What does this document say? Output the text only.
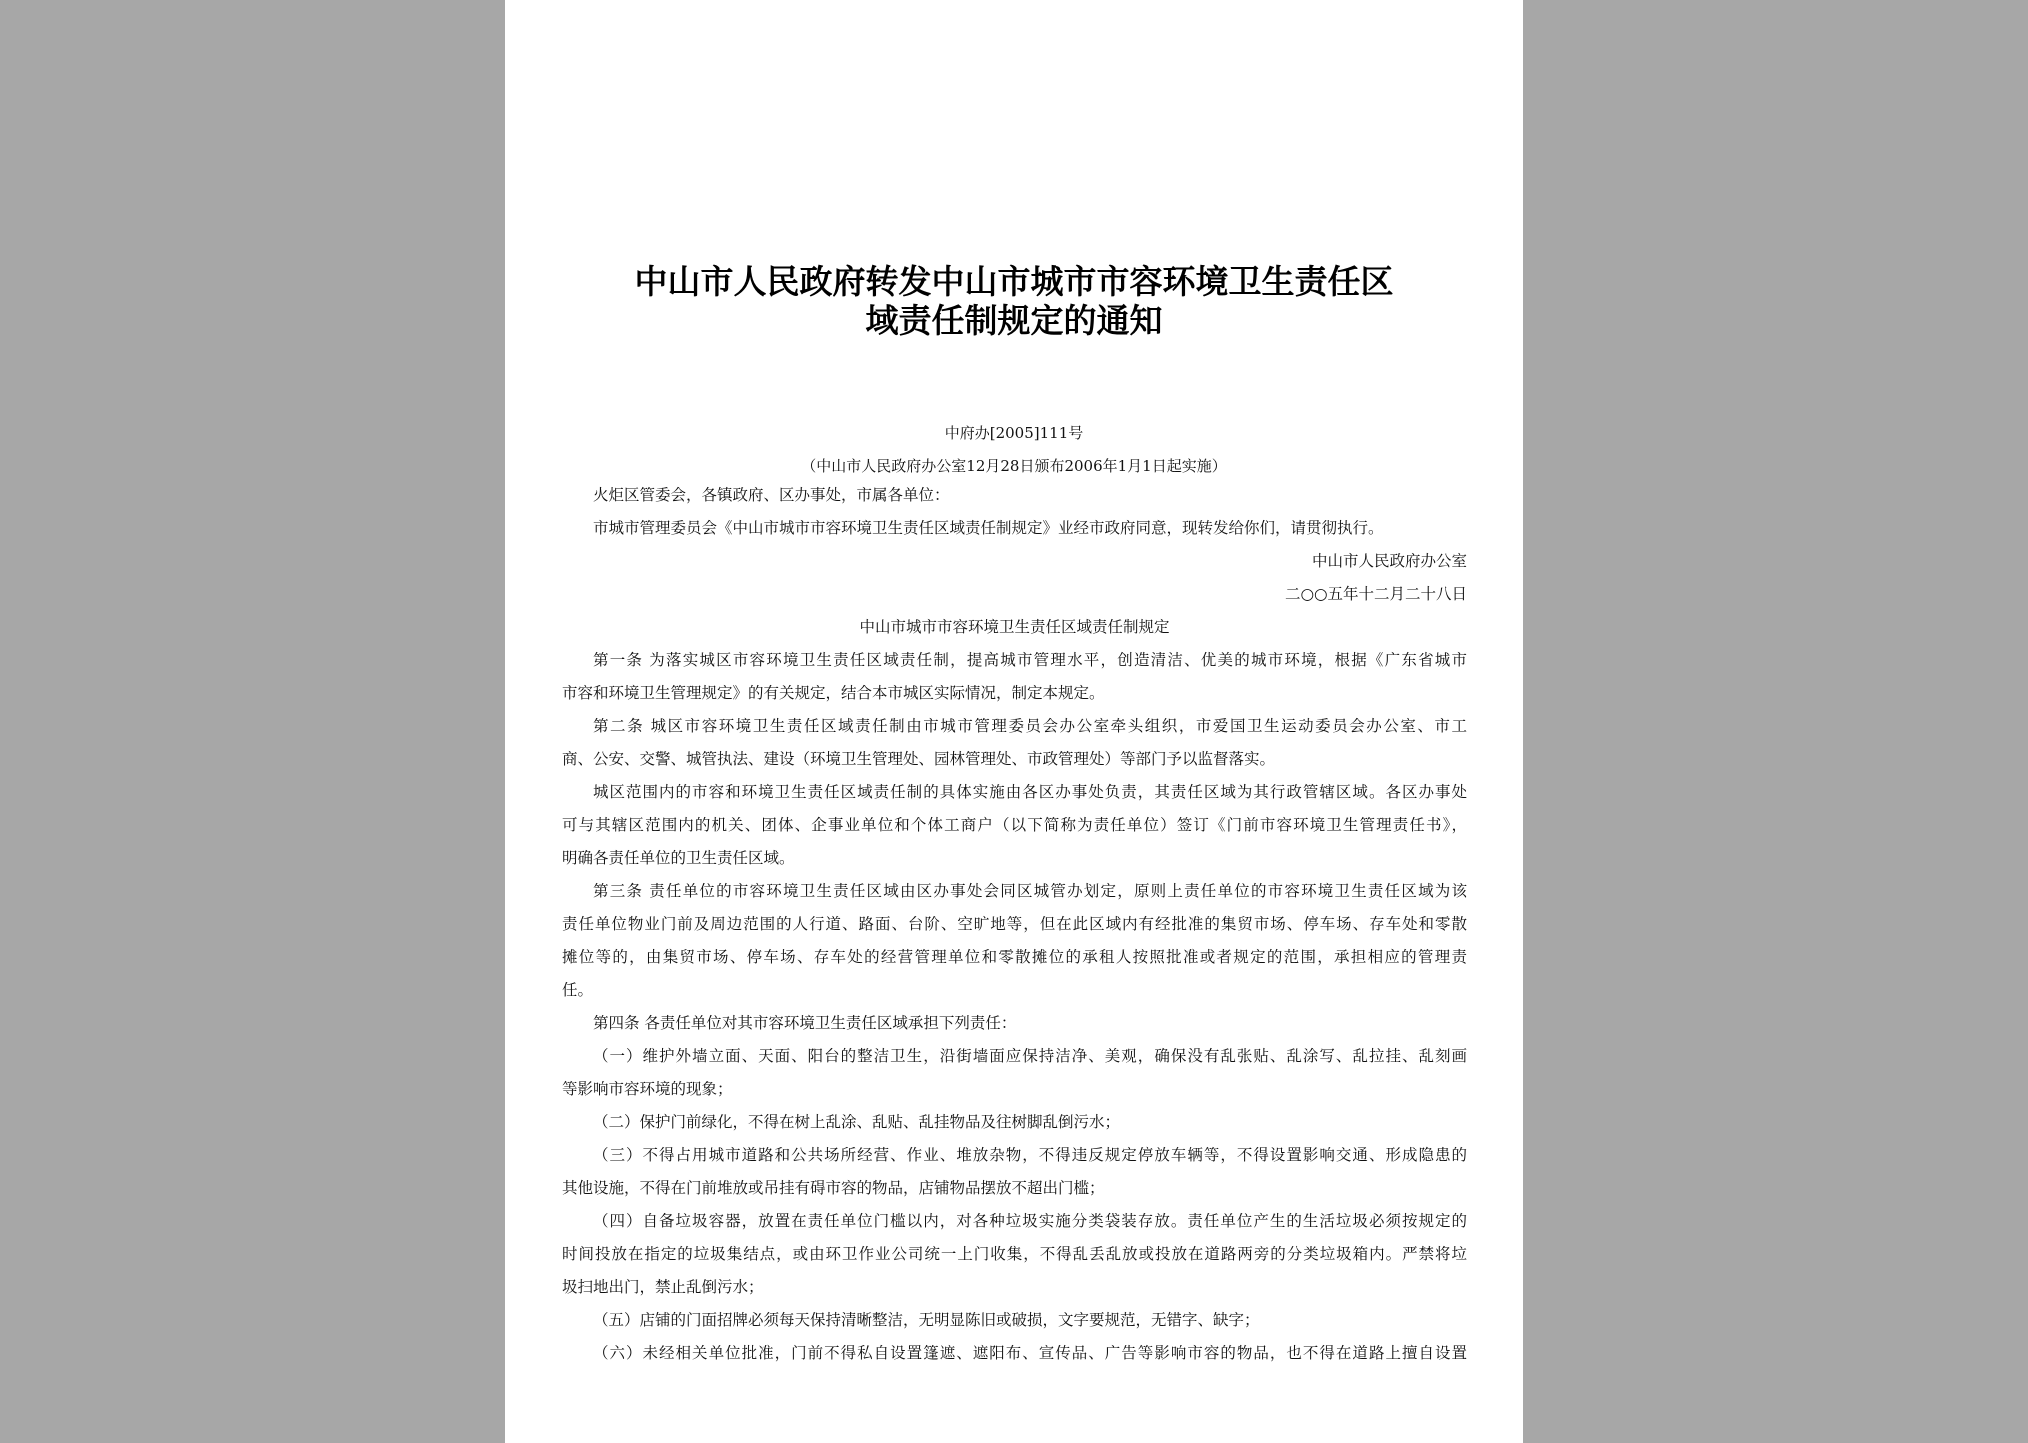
中山市人民政府转发中山市城市市容环境卫生责任区
域责任制规定的通知
中府办[2005]111号
（中山市人民政府办公室12月28日颁布2006年1月1日起实施）
火炬区管委会，各镇政府、区办事处，市属各单位：
市城市管理委员会《中山市城市市容环境卫生责任区域责任制规定》业经市政府同意，现转发给你们，请贯彻执行。
中山市人民政府办公室
二○○五年十二月二十八日
中山市城市市容环境卫生责任区域责任制规定
第一条 为落实城区市容环境卫生责任区域责任制，提高城市管理水平，创造清洁、优美的城市环境，根据《广东省城市
市容和环境卫生管理规定》的有关规定，结合本市城区实际情况，制定本规定。
第二条 城区市容环境卫生责任区域责任制由市城市管理委员会办公室牵头组织，市爱国卫生运动委员会办公室、市工
商、公安、交警、城管执法、建设（环境卫生管理处、园林管理处、市政管理处）等部门予以监督落实。
城区范围内的市容和环境卫生责任区域责任制的具体实施由各区办事处负责，其责任区域为其行政管辖区域。各区办事处
可与其辖区范围内的机关、团体、企事业单位和个体工商户（以下简称为责任单位）签订《门前市容环境卫生管理责任书》，
明确各责任单位的卫生责任区域。
第三条 责任单位的市容环境卫生责任区域由区办事处会同区城管办划定，原则上责任单位的市容环境卫生责任区域为该
责任单位物业门前及周边范围的人行道、路面、台阶、空旷地等，但在此区域内有经批准的集贸市场、停车场、存车处和零散
摊位等的，由集贸市场、停车场、存车处的经营管理单位和零散摊位的承租人按照批准或者规定的范围，承担相应的管理责
任。
第四条 各责任单位对其市容环境卫生责任区域承担下列责任：
（一）维护外墙立面、天面、阳台的整洁卫生，沿街墙面应保持洁净、美观，确保没有乱张贴、乱涂写、乱拉挂、乱刻画
等影响市容环境的现象；
（二）保护门前绿化，不得在树上乱涂、乱贴、乱挂物品及往树脚乱倒污水；
（三）不得占用城市道路和公共场所经营、作业、堆放杂物，不得违反规定停放车辆等，不得设置影响交通、形成隐患的
其他设施，不得在门前堆放或吊挂有碍市容的物品，店铺物品摆放不超出门槛；
（四）自备垃圾容器，放置在责任单位门槛以内，对各种垃圾实施分类袋装存放。责任单位产生的生活垃圾必须按规定的
时间投放在指定的垃圾集结点，或由环卫作业公司统一上门收集，不得乱丢乱放或投放在道路两旁的分类垃圾箱内。严禁将垃
圾扫地出门，禁止乱倒污水；
（五）店铺的门面招牌必须每天保持清晰整洁，无明显陈旧或破损，文字要规范，无错字、缺字；
（六）未经相关单位批准，门前不得私自设置篷遮、遮阳布、宣传品、广告等影响市容的物品，也不得在道路上擅自设置
